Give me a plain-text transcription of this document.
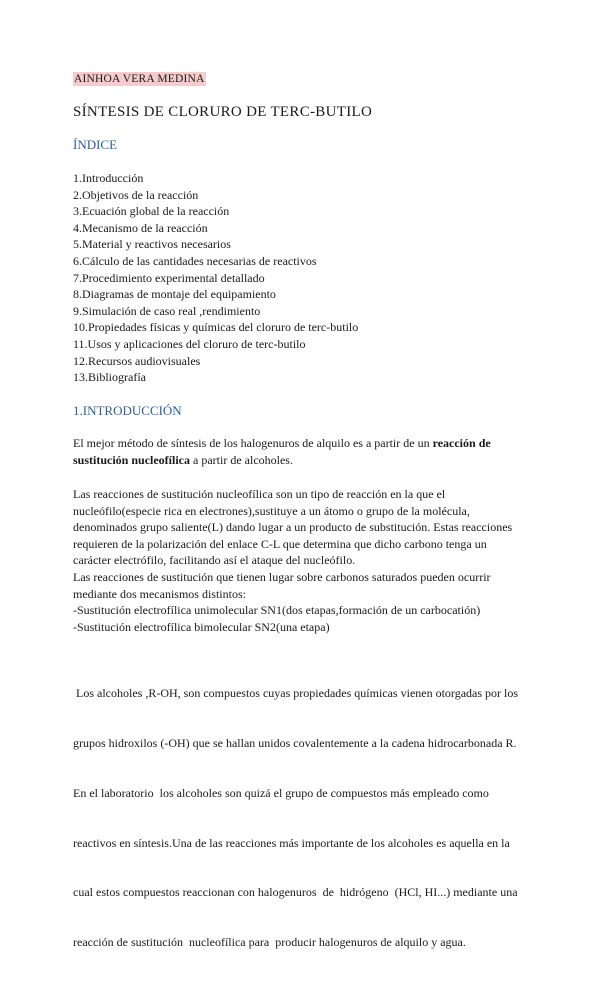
AINHOA VERA MEDINA
SÍNTESIS DE CLORURO DE TERC-BUTILO
ÍNDICE
1.Introducción
2.Objetivos de la reacción
3.Ecuación global de la reacción
4.Mecanismo de la reacción
5.Material y reactivos necesarios
6.Cálculo de las cantidades necesarias de reactivos
7.Procedimiento experimental detallado
8.Diagramas de montaje del equipamiento
9.Simulación de caso real ,rendimiento
10.Propiedades físicas y químicas del cloruro de terc-butilo
11.Usos y aplicaciones del cloruro de terc-butilo
12.Recursos audiovisuales
13.Bibliografía
1.INTRODUCCIÓN
El mejor método de síntesis de los halogenuros de alquilo es a partir de un reacción de sustitución nucleofílica a partir de alcoholes.

Las reacciones de sustitución nucleofílica son un tipo de reacción en la que el

nucleófilo(especie rica en electrones),sustituye a un átomo o grupo de la molécula,

denominados grupo saliente(L) dando lugar a un producto de substitución. Estas reacciones

requieren de la polarización del enlace C-L que determina que dicho carbono tenga un

carácter electrófilo, facilitando así el ataque del nucleófilo.

Las reacciones de sustitución que tienen lugar sobre carbonos saturados pueden ocurrir

mediante dos mecanismos distintos:

-Sustitución electrofílica unimolecular SN1(dos etapas,formación de un carbocatión)

-Sustitución electrofílica bimolecular SN2(una etapa)

Los alcoholes ,R-OH, son compuestos cuyas propiedades químicas vienen otorgadas por los

grupos hidroxilos (-OH) que se hallan unidos covalentemente a la cadena hidrocarbonada R.

En el laboratorio  los alcoholes son quizá el grupo de compuestos más empleado como

reactivos en síntesis.Una de las reacciones más importante de los alcoholes es aquella en la

cual estos compuestos reaccionan con halogenuros  de  hidrógeno  (HCl, HI...) mediante una

reacción de sustitución  nucleofílica para  producir halogenuros de alquilo y agua.
